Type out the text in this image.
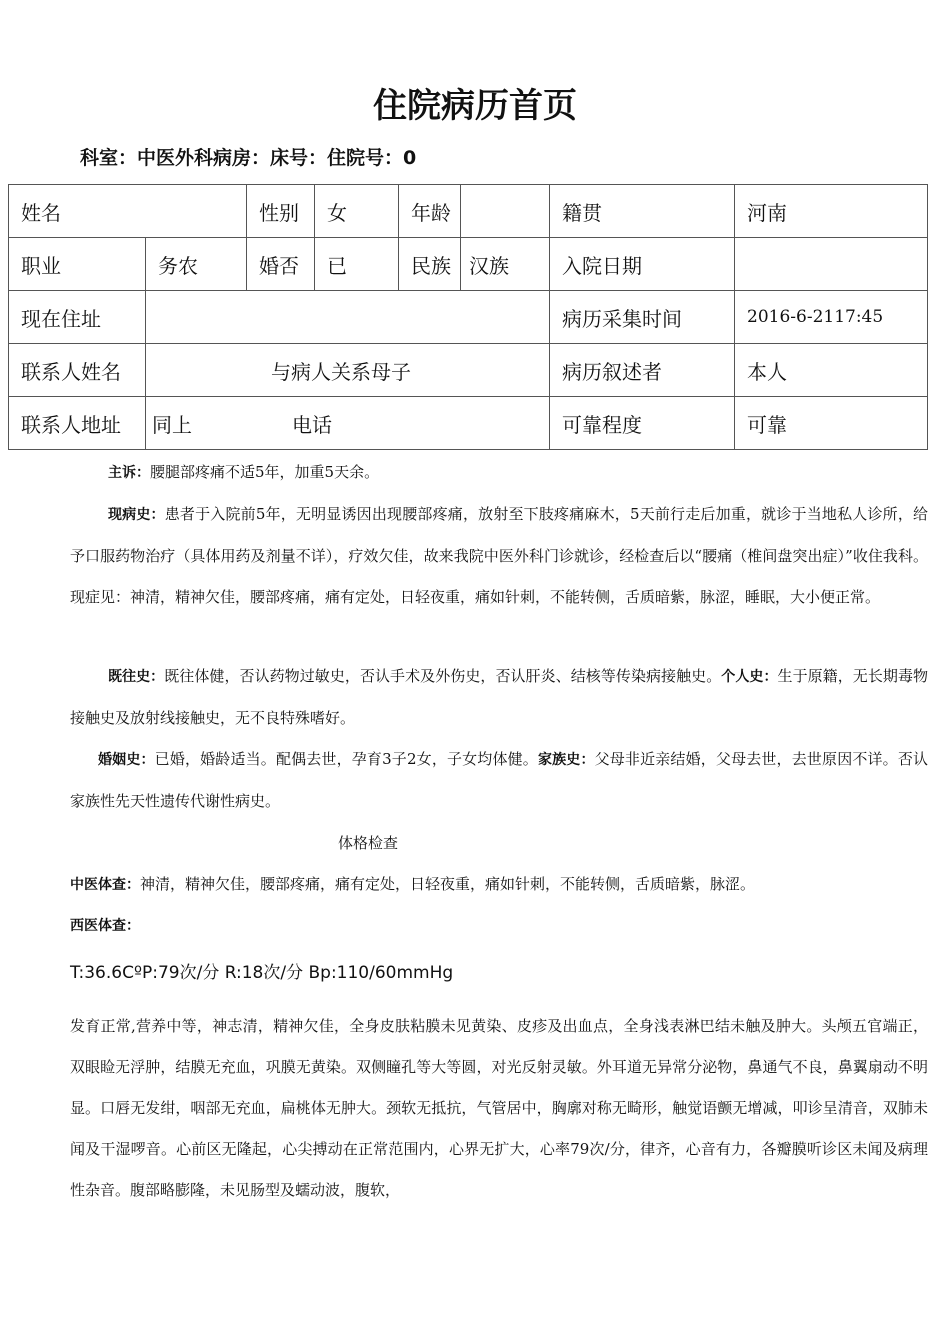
住院病历首页
科室：中医外科病房：床号：住院号：0
姓名		性别	女	年龄		籍贯	河南
职业	务农	婚否	已	民族	汉族	入院日期	
现在住址						病历采集时间	2016-6-2117:45
联系人姓名	与病人关系母子					病历叙述者	本人
联系人地址	同上 电话					可靠程度	可靠
主诉：腰腿部疼痛不适5年，加重5天余。
现病史：患者于入院前5年，无明显诱因出现腰部疼痛，放射至下肢疼痛麻木，5天前行走后加重，就诊于当地私人诊所，给予口服药物治疗（具体用药及剂量不详），疗效欠佳，故来我院中医外科门诊就诊，经检查后以“腰痛（椎间盘突出症）”收住我科。现症见：神清，精神欠佳，腰部疼痛，痛有定处，日轻夜重，痛如针刺，不能转侧，舌质暗紫，脉涩，睡眠，大小便正常。
既往史：既往体健，否认药物过敏史，否认手术及外伤史，否认肝炎、结核等传染病接触史。个人史：生于原籍，无长期毒物接触史及放射线接触史，无不良特殊嗜好。
婚姻史：已婚，婚龄适当。配偶去世，孕育3子2女，子女均体健。家族史：父母非近亲结婚，父母去世，去世原因不详。否认家族性先天性遗传代谢性病史。
体格检查
中医体查：神清，精神欠佳，腰部疼痛，痛有定处，日轻夜重，痛如针刺，不能转侧，舌质暗紫，脉涩。
西医体查：
T:36.6CºP:79次/分 R:18次/分 Bp:110/60mmHg
发育正常,营养中等，神志清，精神欠佳，全身皮肤粘膜未见黄染、皮疹及出血点，全身浅表淋巴结未触及肿大。头颅五官端正，双眼睑无浮肿，结膜无充血，巩膜无黄染。双侧瞳孔等大等圆，对光反射灵敏。外耳道无异常分泌物，鼻通气不良，鼻翼扇动不明显。口唇无发绀，咽部无充血，扁桃体无肿大。颈软无抵抗，气管居中，胸廓对称无畸形，触觉语颤无增减，叩诊呈清音，双肺未闻及干湿啰音。心前区无隆起，心尖搏动在正常范围内，心界无扩大，心率79次/分，律齐，心音有力，各瓣膜听诊区未闻及病理性杂音。腹部略膨隆，未见肠型及蠕动波，腹软，
